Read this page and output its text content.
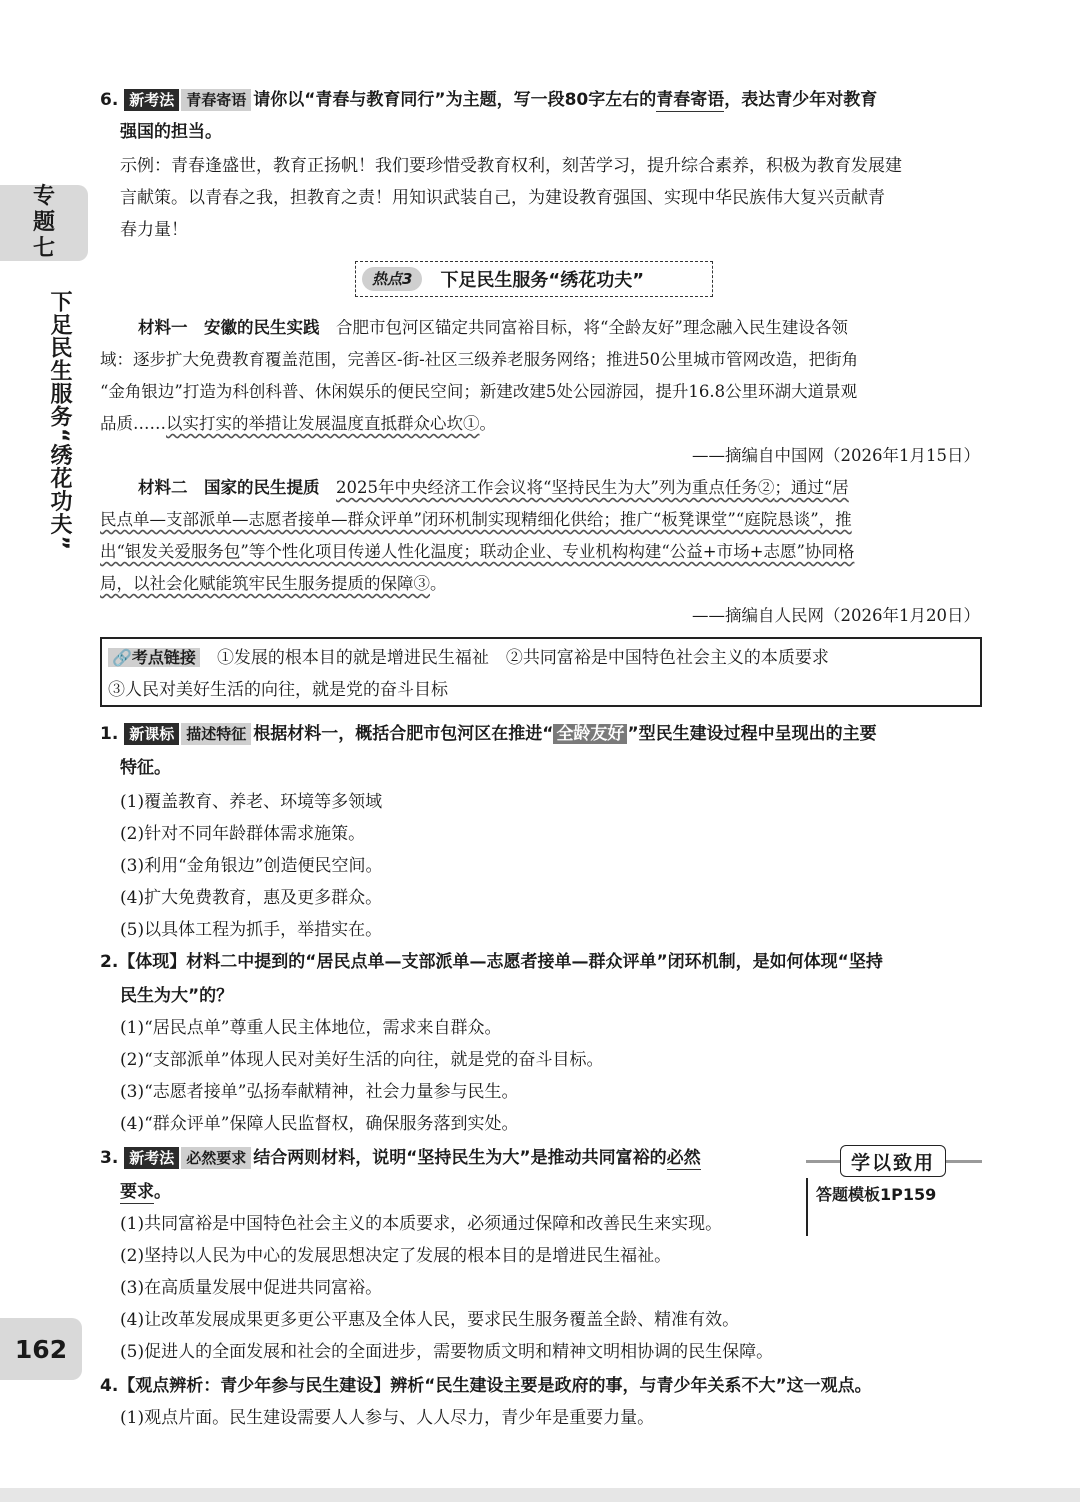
专
题
七
下足民生服务“绣花功夫”
162
6. 新考法 青春寄语 请你以“青春与教育同行”为主题，写一段80字左右的青春寄语，表达青少年对教育
强国的担当。
示例：青春逢盛世，教育正扬帆！我们要珍惜受教育权利，刻苦学习，提升综合素养，积极为教育发展建
言献策。以青春之我，担教育之责！用知识武装自己，为建设教育强国、实现中华民族伟大复兴贡献青
春力量！
热点3	下足民生服务“绣花功夫”
材料一　安徽的民生实践　 合肥市包河区锚定共同富裕目标，将“全龄友好”理念融入民生建设各领
域：逐步扩大免费教育覆盖范围，完善区-街-社区三级养老服务网络；推进50公里城市管网改造，把街角
“金角银边”打造为科创科普、休闲娱乐的便民空间；新建改建5处公园游园，提升16.8公里环湖大道景观
品质……以实打实的举措让发展温度直抵群众心坎①。
——摘编自中国网（2026年1月15日）
材料二　国家的民生提质　 2025年中央经济工作会议将“坚持民生为大”列为重点任务②；通过“居
民点单—支部派单—志愿者接单—群众评单”闭环机制实现精细化供给；推广“板凳课堂”“庭院恳谈”，推
出“银发关爱服务包”等个性化项目传递人性化温度；联动企业、专业机构构建“公益+市场+志愿”协同格
局，以社会化赋能筑牢民生服务提质的保障③。
——摘编自人民网（2026年1月20日）
🔗考点链接　 ①发展的根本目的就是增进民生福祉　②共同富裕是中国特色社会主义的本质要求
③人民对美好生活的向往，就是党的奋斗目标
1. 新课标 描述特征 根据材料一，概括合肥市包河区在推进“ 全龄友好 ”型民生建设过程中呈现出的主要
特征。
(1)覆盖教育、养老、环境等多领域
(2)针对不同年龄群体需求施策。
(3)利用“金角银边”创造便民空间。
(4)扩大免费教育，惠及更多群众。
(5)以具体工程为抓手，举措实在。
2.【体现】材料二中提到的“居民点单—支部派单—志愿者接单—群众评单”闭环机制，是如何体现“坚持
民生为大”的？
(1)“居民点单”尊重人民主体地位，需求来自群众。
(2)“支部派单”体现人民对美好生活的向往，就是党的奋斗目标。
(3)“志愿者接单”弘扬奉献精神，社会力量参与民生。
(4)“群众评单”保障人民监督权，确保服务落到实处。
3. 新考法 必然要求 结合两则材料，说明“坚持民生为大”是推动共同富裕的必然
要求。
(1)共同富裕是中国特色社会主义的本质要求，必须通过保障和改善民生来实现。
(2)坚持以人民为中心的发展思想决定了发展的根本目的是增进民生福祉。
(3)在高质量发展中促进共同富裕。
(4)让改革发展成果更多更公平惠及全体人民，要求民生服务覆盖全龄、精准有效。
(5)促进人的全面发展和社会的全面进步，需要物质文明和精神文明相协调的民生保障。
学以致用
答题模板1P159
4.【观点辨析：青少年参与民生建设】辨析“民生建设主要是政府的事，与青少年关系不大”这一观点。
(1)观点片面。民生建设需要人人参与、人人尽力，青少年是重要力量。
